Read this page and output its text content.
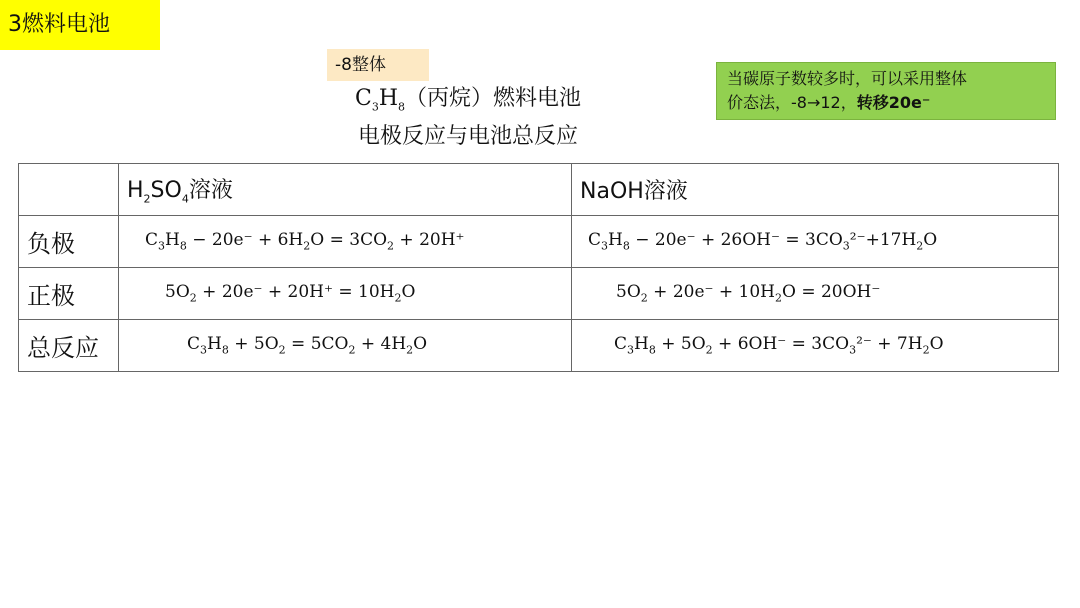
3燃料电池
-8整体
$C_3H_8$（丙烷）燃料电池
电极反应与电池总反应
当碳原子数较多时，可以采用整体
价态法，-8→12，转移20e⁻
	$H_2SO_4$溶液	NaOH溶液
负极	$C_3H_8 - 20e^- + 6H_2O = 3CO_2 + 20H^+$	$C_3H_8 - 20e^- + 26OH^- = 3CO_3^{2-}+17H_2O$
正极	$5O_2 + 20e^- + 20H^+ = 10H_2O$	$5O_2 + 20e^- + 10H_2O = 20OH^-$
总反应	$C_3H_8 + 5O_2 = 5CO_2 + 4H_2O$	$C_3H_8 + 5O_2 + 6OH^- = 3CO_3^{2-} + 7H_2O$
